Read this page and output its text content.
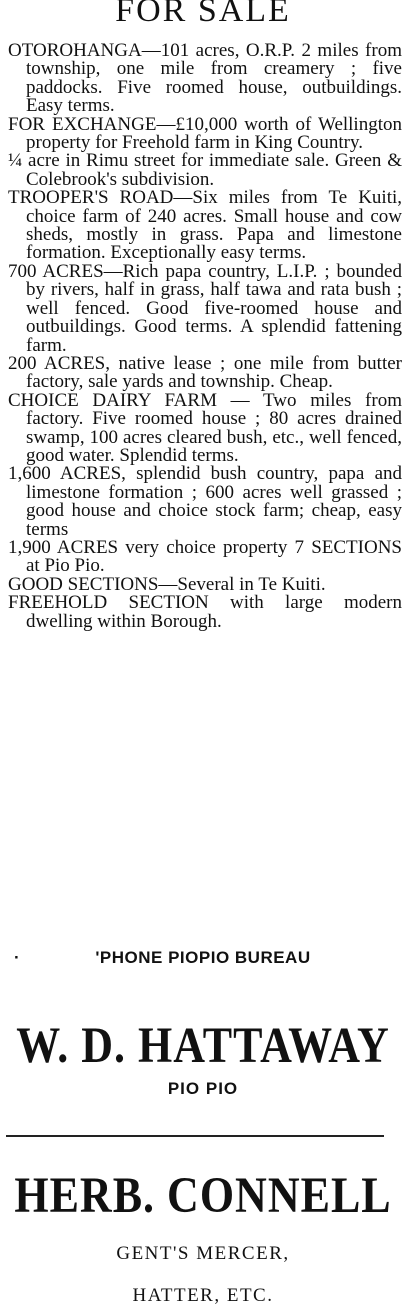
FOR SALE
OTOROHANGA—101 acres, O.R.P. 2 miles from township, one mile from creamery ; five paddocks. Five roomed house, outbuildings. Easy terms.
FOR EXCHANGE—£10,000 worth of Wellington property for Freehold farm in King Country.
¼ acre in Rimu street for immediate sale. Green & Colebrook's subdivision.
TROOPER'S ROAD—Six miles from Te Kuiti, choice farm of 240 acres. Small house and cow sheds, mostly in grass. Papa and limestone formation. Exceptionally easy terms.
700 ACRES—Rich papa country, L.I.P. ; bounded by rivers, half in grass, half tawa and rata bush ; well fenced. Good five-roomed house and outbuildings. Good terms. A splendid fattening farm.
200 ACRES, native lease ; one mile from butter factory, sale yards and township. Cheap.
CHOICE DAIRY FARM — Two miles from factory. Five roomed house ; 80 acres drained swamp, 100 acres cleared bush, etc., well fenced, good water. Splendid terms.
1,600 ACRES, splendid bush country, papa and limestone formation ; 600 acres well grassed ; good house and choice stock farm; cheap, easy terms
1,900 ACRES very choice property 7 SECTIONS at Pio Pio.
GOOD SECTIONS—Several in Te Kuiti.
FREEHOLD SECTION with large modern dwelling within Borough.
·	'PHONE PIOPIO BUREAU
W. D. HATTAWAY
PIO PIO
HERB. CONNELL
GENT'S MERCER,
HATTER, ETC.
